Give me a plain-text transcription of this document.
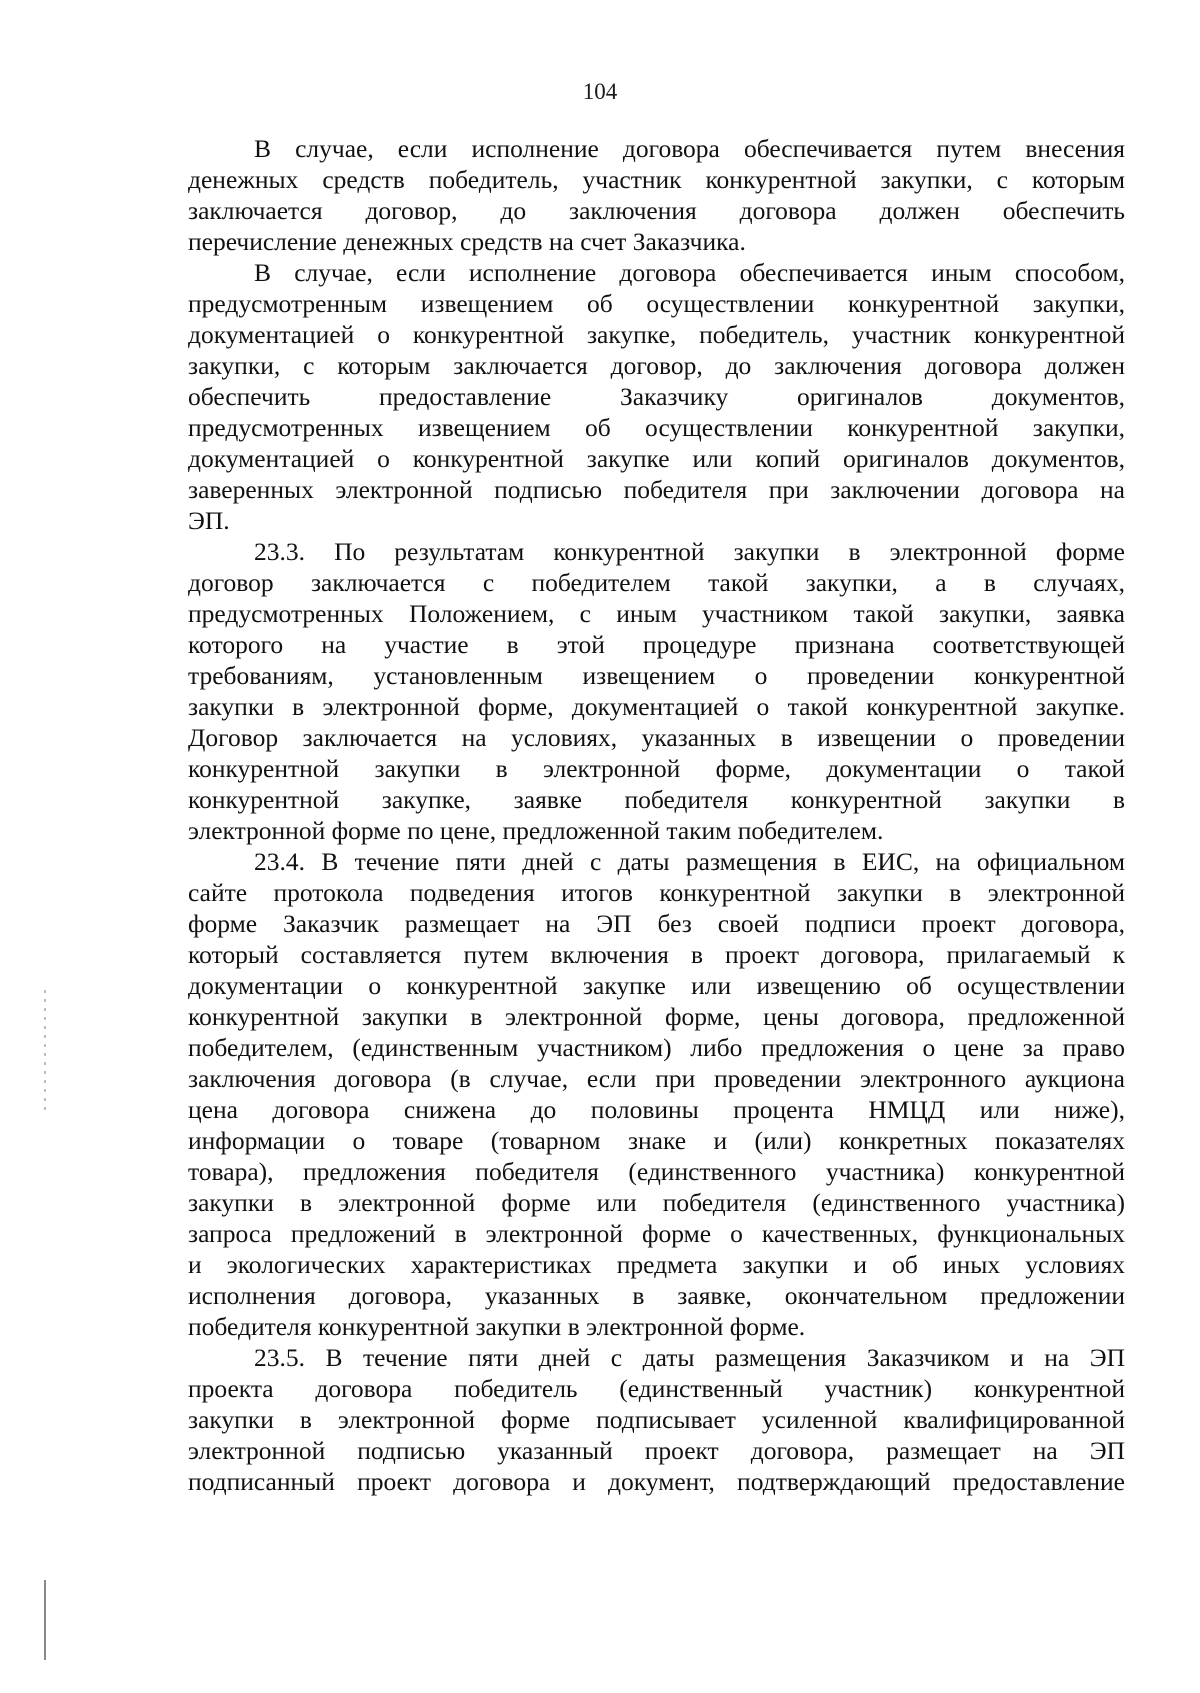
104
В случае, если исполнение договора обеспечивается путем внесения
денежных средств победитель, участник конкурентной закупки, с которым
заключается договор, до заключения договора должен обеспечить
перечисление денежных средств на счет Заказчика.
В случае, если исполнение договора обеспечивается иным способом,
предусмотренным извещением об осуществлении конкурентной закупки,
документацией о конкурентной закупке, победитель, участник конкурентной
закупки, с которым заключается договор, до заключения договора должен
обеспечить предоставление Заказчику оригиналов документов,
предусмотренных извещением об осуществлении конкурентной закупки,
документацией о конкурентной закупке или копий оригиналов документов,
заверенных электронной подписью победителя при заключении договора на
ЭП.
23.3. По результатам конкурентной закупки в электронной форме
договор заключается с победителем такой закупки, а в случаях,
предусмотренных Положением, с иным участником такой закупки, заявка
которого на участие в этой процедуре признана соответствующей
требованиям, установленным извещением о проведении конкурентной
закупки в электронной форме, документацией о такой конкурентной закупке.
Договор заключается на условиях, указанных в извещении о проведении
конкурентной закупки в электронной форме, документации о такой
конкурентной закупке, заявке победителя конкурентной закупки в
электронной форме по цене, предложенной таким победителем.
23.4. В течение пяти дней с даты размещения в ЕИС, на официальном
сайте протокола подведения итогов конкурентной закупки в электронной
форме Заказчик размещает на ЭП без своей подписи проект договора,
который составляется путем включения в проект договора, прилагаемый к
документации о конкурентной закупке или извещению об осуществлении
конкурентной закупки в электронной форме, цены договора, предложенной
победителем, (единственным участником) либо предложения о цене за право
заключения договора (в случае, если при проведении электронного аукциона
цена договора снижена до половины процента НМЦД или ниже),
информации о товаре (товарном знаке и (или) конкретных показателях
товара), предложения победителя (единственного участника) конкурентной
закупки в электронной форме или победителя (единственного участника)
запроса предложений в электронной форме о качественных, функциональных
и экологических характеристиках предмета закупки и об иных условиях
исполнения договора, указанных в заявке, окончательном предложении
победителя конкурентной закупки в электронной форме.
23.5. В течение пяти дней с даты размещения Заказчиком и на ЭП
проекта договора победитель (единственный участник) конкурентной
закупки в электронной форме подписывает усиленной квалифицированной
электронной подписью указанный проект договора, размещает на ЭП
подписанный проект договора и документ, подтверждающий предоставление
